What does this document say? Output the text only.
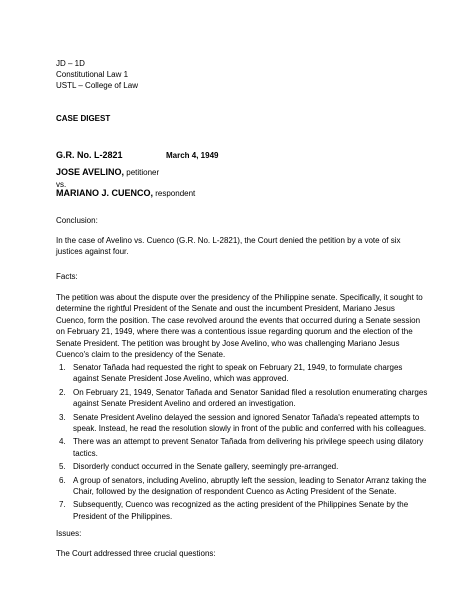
JD – 1D
Constitutional Law 1
USTL – College of Law
CASE DIGEST
G.R. No. L-2821	March 4, 1949
JOSE AVELINO, petitioner
vs.
MARIANO J. CUENCO, respondent
Conclusion:

In the case of Avelino vs. Cuenco (G.R. No. L-2821), the Court denied the petition by a vote of six justices against four.

Facts:

The petition was about the dispute over the presidency of the Philippine senate. Specifically, it sought to determine the rightful President of the Senate and oust the incumbent President, Mariano Jesus Cuenco, form the position. The case revolved around the events that occurred during a Senate session on February 21, 1949, where there was a contentious issue regarding quorum and the election of the Senate President. The petition was brought by Jose Avelino, who was challenging Mariano Jesus Cuenco's claim to the presidency of the Senate.

1. Senator Tañada had requested the right to speak on February 21, 1949, to formulate charges against Senate President Jose Avelino, which was approved.
2. On February 21, 1949, Senator Tañada and Senator Sanidad filed a resolution enumerating charges against Senate President Avelino and ordered an investigation.
3. Senate President Avelino delayed the session and ignored Senator Tañada's repeated attempts to speak. Instead, he read the resolution slowly in front of the public and conferred with his colleagues.
4. There was an attempt to prevent Senator Tañada from delivering his privilege speech using dilatory tactics.
5. Disorderly conduct occurred in the Senate gallery, seemingly pre-arranged.
6. A group of senators, including Avelino, abruptly left the session, leading to Senator Arranz taking the Chair, followed by the designation of respondent Cuenco as Acting President of the Senate.
7. Subsequently, Cuenco was recognized as the acting president of the Philippines Senate by the President of the Philippines.
Issues:
The Court addressed three crucial questions:
